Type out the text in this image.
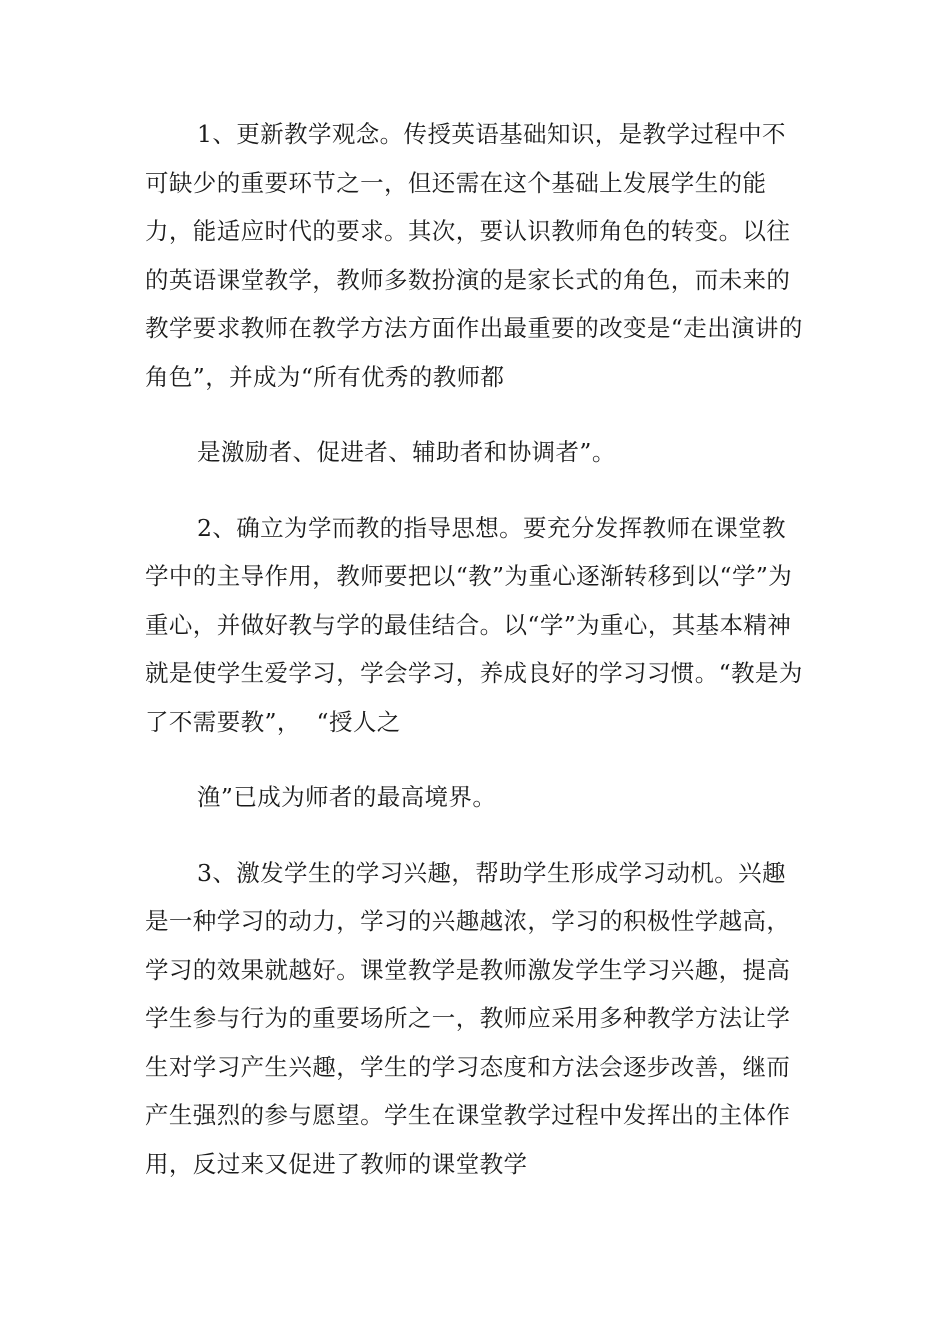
1、更新教学观念。传授英语基础知识，是教学过程中不可缺少的重要环节之一，但还需在这个基础上发展学生的能力，能适应时代的要求。其次，要认识教师角色的转变。以往的英语课堂教学，教师多数扮演的是家长式的角色，而未来的教学要求教师在教学方法方面作出最重要的改变是“走出演讲的角色”，并成为“所有优秀的教师都

是激励者、促进者、辅助者和协调者”。

2、确立为学而教的指导思想。要充分发挥教师在课堂教学中的主导作用，教师要把以“教”为重心逐渐转移到以“学”为重心，并做好教与学的最佳结合。以“学”为重心，其基本精神就是使学生爱学习，学会学习，养成良好的学习习惯。“教是为了不需要教”，  “授人之

渔”已成为师者的最高境界。

3、激发学生的学习兴趣，帮助学生形成学习动机。兴趣是一种学习的动力，学习的兴趣越浓，学习的积极性学越高，学习的效果就越好。课堂教学是教师激发学生学习兴趣，提高学生参与行为的重要场所之一，教师应采用多种教学方法让学生对学习产生兴趣，学生的学习态度和方法会逐步改善，继而产生强烈的参与愿望。学生在课堂教学过程中发挥出的主体作用，反过来又促进了教师的课堂教学
